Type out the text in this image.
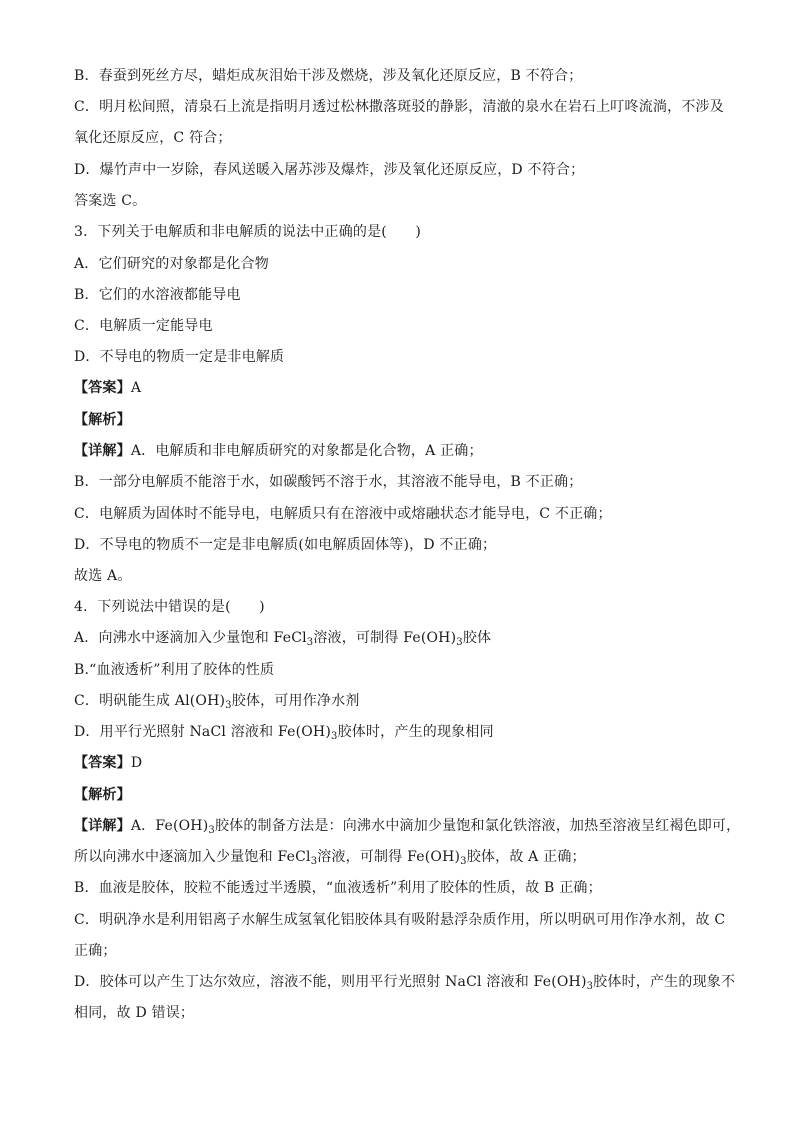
B．春蚕到死丝方尽，蜡炬成灰泪始干涉及燃烧，涉及氧化还原反应，B 不符合；
C．明月松间照，清泉石上流是指明月透过松林撒落斑驳的静影，清澈的泉水在岩石上叮咚流淌，不涉及
氧化还原反应，C 符合；
D．爆竹声中一岁除，春风送暖入屠苏涉及爆炸，涉及氧化还原反应，D 不符合；
答案选 C。
3．下列关于电解质和非电解质的说法中正确的是(　　)
A．它们研究的对象都是化合物
B．它们的水溶液都能导电
C．电解质一定能导电
D．不导电的物质一定是非电解质
【答案】A
【解析】
【详解】A．电解质和非电解质研究的对象都是化合物，A 正确；
B．一部分电解质不能溶于水，如碳酸钙不溶于水，其溶液不能导电，B 不正确；
C．电解质为固体时不能导电，电解质只有在溶液中或熔融状态才能导电，C 不正确；
D．不导电的物质不一定是非电解质(如电解质固体等)，D 不正确；
故选 A。
4．下列说法中错误的是(　　)
A．向沸水中逐滴加入少量饱和 FeCl$_3$溶液，可制得 $Fe(OH)_3$胶体
B.“血液透析”利用了胶体的性质
C．明矾能生成 $Al(OH)_3$胶体，可用作净水剂
D．用平行光照射 NaCl 溶液和 $Fe(OH)_3$胶体时，产生的现象相同
【答案】D
【解析】
【详解】A．$Fe(OH)_3$胶体的制备方法是：向沸水中滴加少量饱和氯化铁溶液，加热至溶液呈红褐色即可，
所以向沸水中逐滴加入少量饱和 FeCl$_3$溶液，可制得 $Fe(OH)_3$胶体，故 A 正确；
B．血液是胶体，胶粒不能透过半透膜，“血液透析”利用了胶体的性质，故 B 正确；
C．明矾净水是利用铝离子水解生成氢氧化铝胶体具有吸附悬浮杂质作用，所以明矾可用作净水剂，故 C
正确；
D．胶体可以产生丁达尔效应，溶液不能，则用平行光照射 NaCl 溶液和 $Fe(OH)_3$胶体时，产生的现象不
相同，故 D 错误；
